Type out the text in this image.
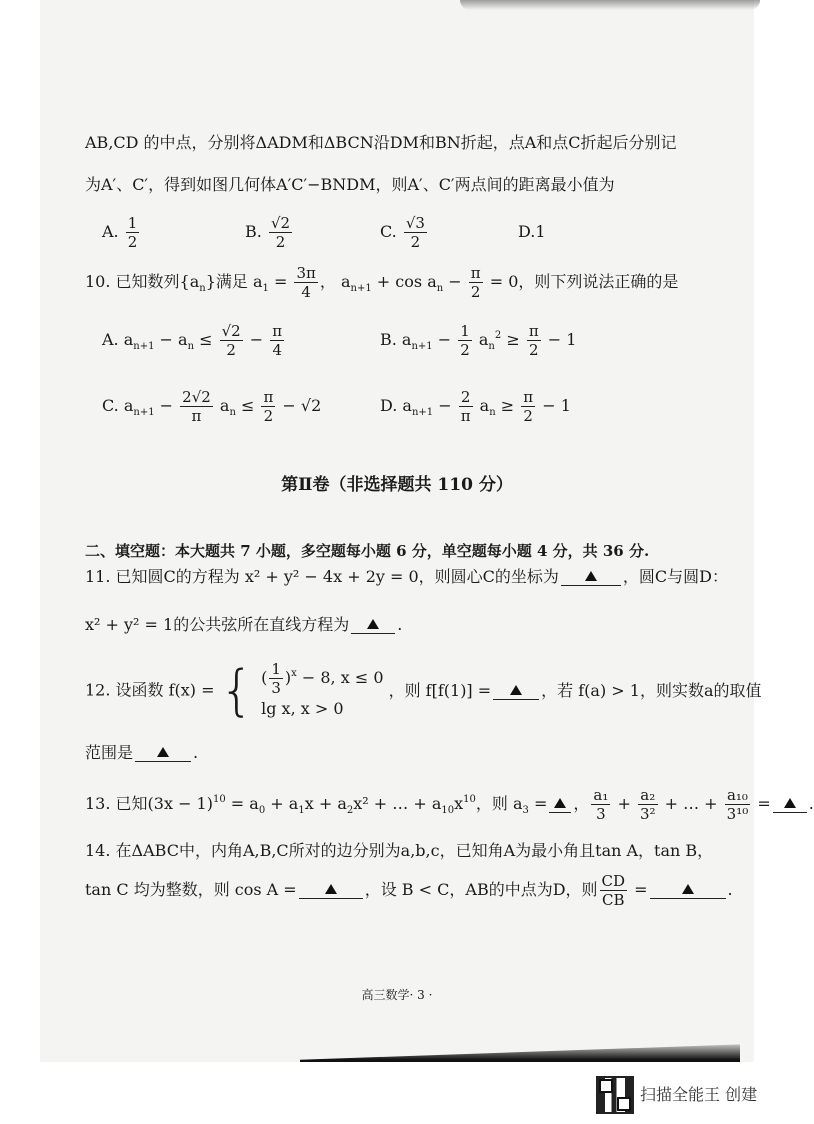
AB,CD 的中点，分别将ΔADM和ΔBCN沿DM和BN折起，点A和点C折起后分别记
为A′、C′，得到如图几何体A′C′−BNDM，则A′、C′两点间的距离最小值为
A. $\frac{1}{2}$	B. $\frac{√2}{2}$	C. $\frac{√3}{2}$	D.1
10. 已知数列$\{a_n\}$满足 $a_1 = \frac{3\pi}{4}$ ， $a_{n+1} + \cos a_n - \frac{\pi}{2} = 0$，则下列说法正确的是
A. $a_{n+1} - a_n \le \frac{√2}{2} - \frac{\pi}{4}$	B. $a_{n+1} - \frac{1}{2} a_n^2 \ge \frac{\pi}{2} - 1$
C. $a_{n+1} - \frac{2√2}{\pi} a_n \le \frac{\pi}{2} - √2$	D. $a_{n+1} - \frac{2}{\pi} a_n \ge \frac{\pi}{2} - 1$
第Ⅱ卷（非选择题共 110 分）
二、填空题：本大题共 7 小题，多空题每小题 6 分，单空题每小题 4 分，共 36 分.
11. 已知圆C的方程为 x² + y² − 4x + 2y = 0，则圆心C的坐标为	，圆C与圆D：
x² + y² = 1的公共弦所在直线方程为	.
12. 设函数 f(x) = { ( $\frac{1}{3} )^x - 8$, x ≤ 0
lg x, x > 0
，则 f[f(1)] =	，若 f(a) > 1，则实数a的取值
范围是	.
13. 已知$(3x - 1)^{10} = a_0 + a_1x + a_2x^2$ + … + $a_{10}x^{10}$，则 $a_3$ = ， $\frac{\text{a₁}}{3} + \frac{\text{a₂}}{\text{3²}}$ + … + $\frac{\text{a₁₀}}{\text{3¹⁰}}$ = .
14. 在ΔABC中，内角A,B,C所对的边分别为a,b,c，已知角A为最小角且tan A，tan B，
tan C 均为整数，则 cos A =	，设 B < C，AB的中点为D，则 $\frac{CD}{CB}$ =	.
高三数学· 3 ·
扫描全能王 创建
